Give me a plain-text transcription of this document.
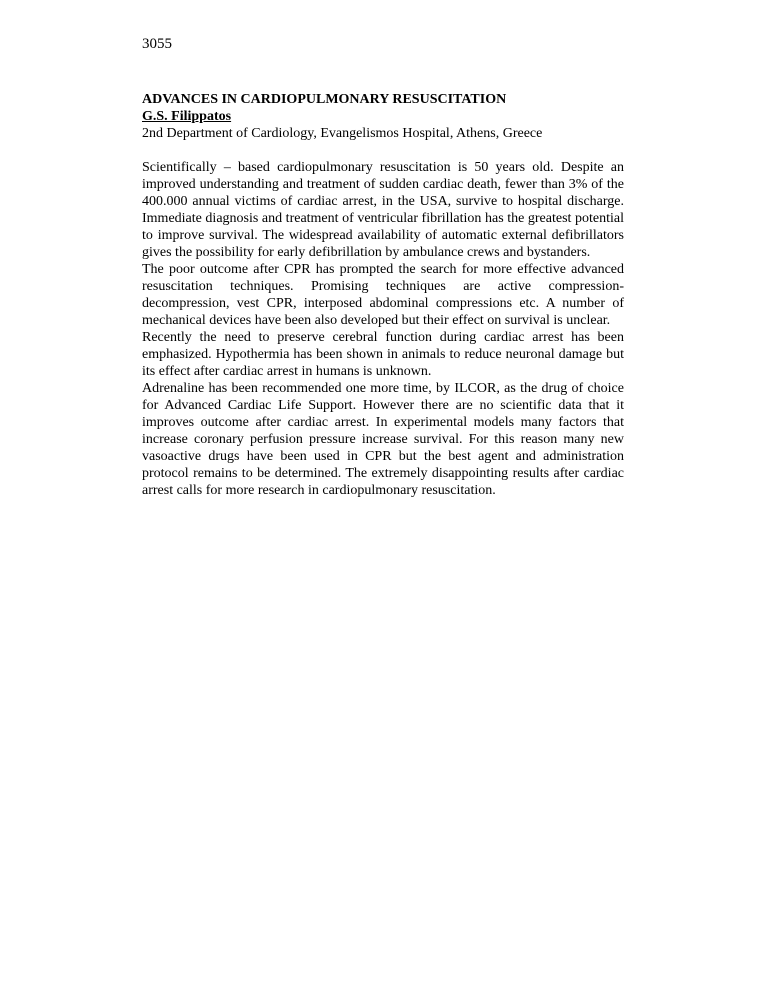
3055
ADVANCES IN CARDIOPULMONARY RESUSCITATION
G.S. Filippatos
2nd Department of Cardiology, Evangelismos Hospital, Athens, Greece

Scientifically – based cardiopulmonary resuscitation is 50 years old. Despite an improved understanding and treatment of sudden cardiac death, fewer than 3% of the 400.000 annual victims of cardiac arrest, in the USA, survive to hospital discharge. Immediate diagnosis and treatment of ventricular fibrillation has the greatest potential to improve survival. The widespread availability of automatic external defibrillators gives the possibility for early defibrillation by ambulance crews and bystanders.

The poor outcome after CPR has prompted the search for more effective advanced resuscitation techniques. Promising techniques are active compression-decompression, vest CPR, interposed abdominal compressions etc. A number of mechanical devices have been also developed but their effect on survival is unclear.

Recently the need to preserve cerebral function during cardiac arrest has been emphasized. Hypothermia has been shown in animals to reduce neuronal damage but its effect after cardiac arrest in humans is unknown.

Adrenaline has been recommended one more time, by ILCOR, as the drug of choice for Advanced Cardiac Life Support. However there are no scientific data that it improves outcome after cardiac arrest. In experimental models many factors that increase coronary perfusion pressure increase survival. For this reason many new vasoactive drugs have been used in CPR but the best agent and administration protocol remains to be determined. The extremely disappointing results after cardiac arrest calls for more research in cardiopulmonary resuscitation.
